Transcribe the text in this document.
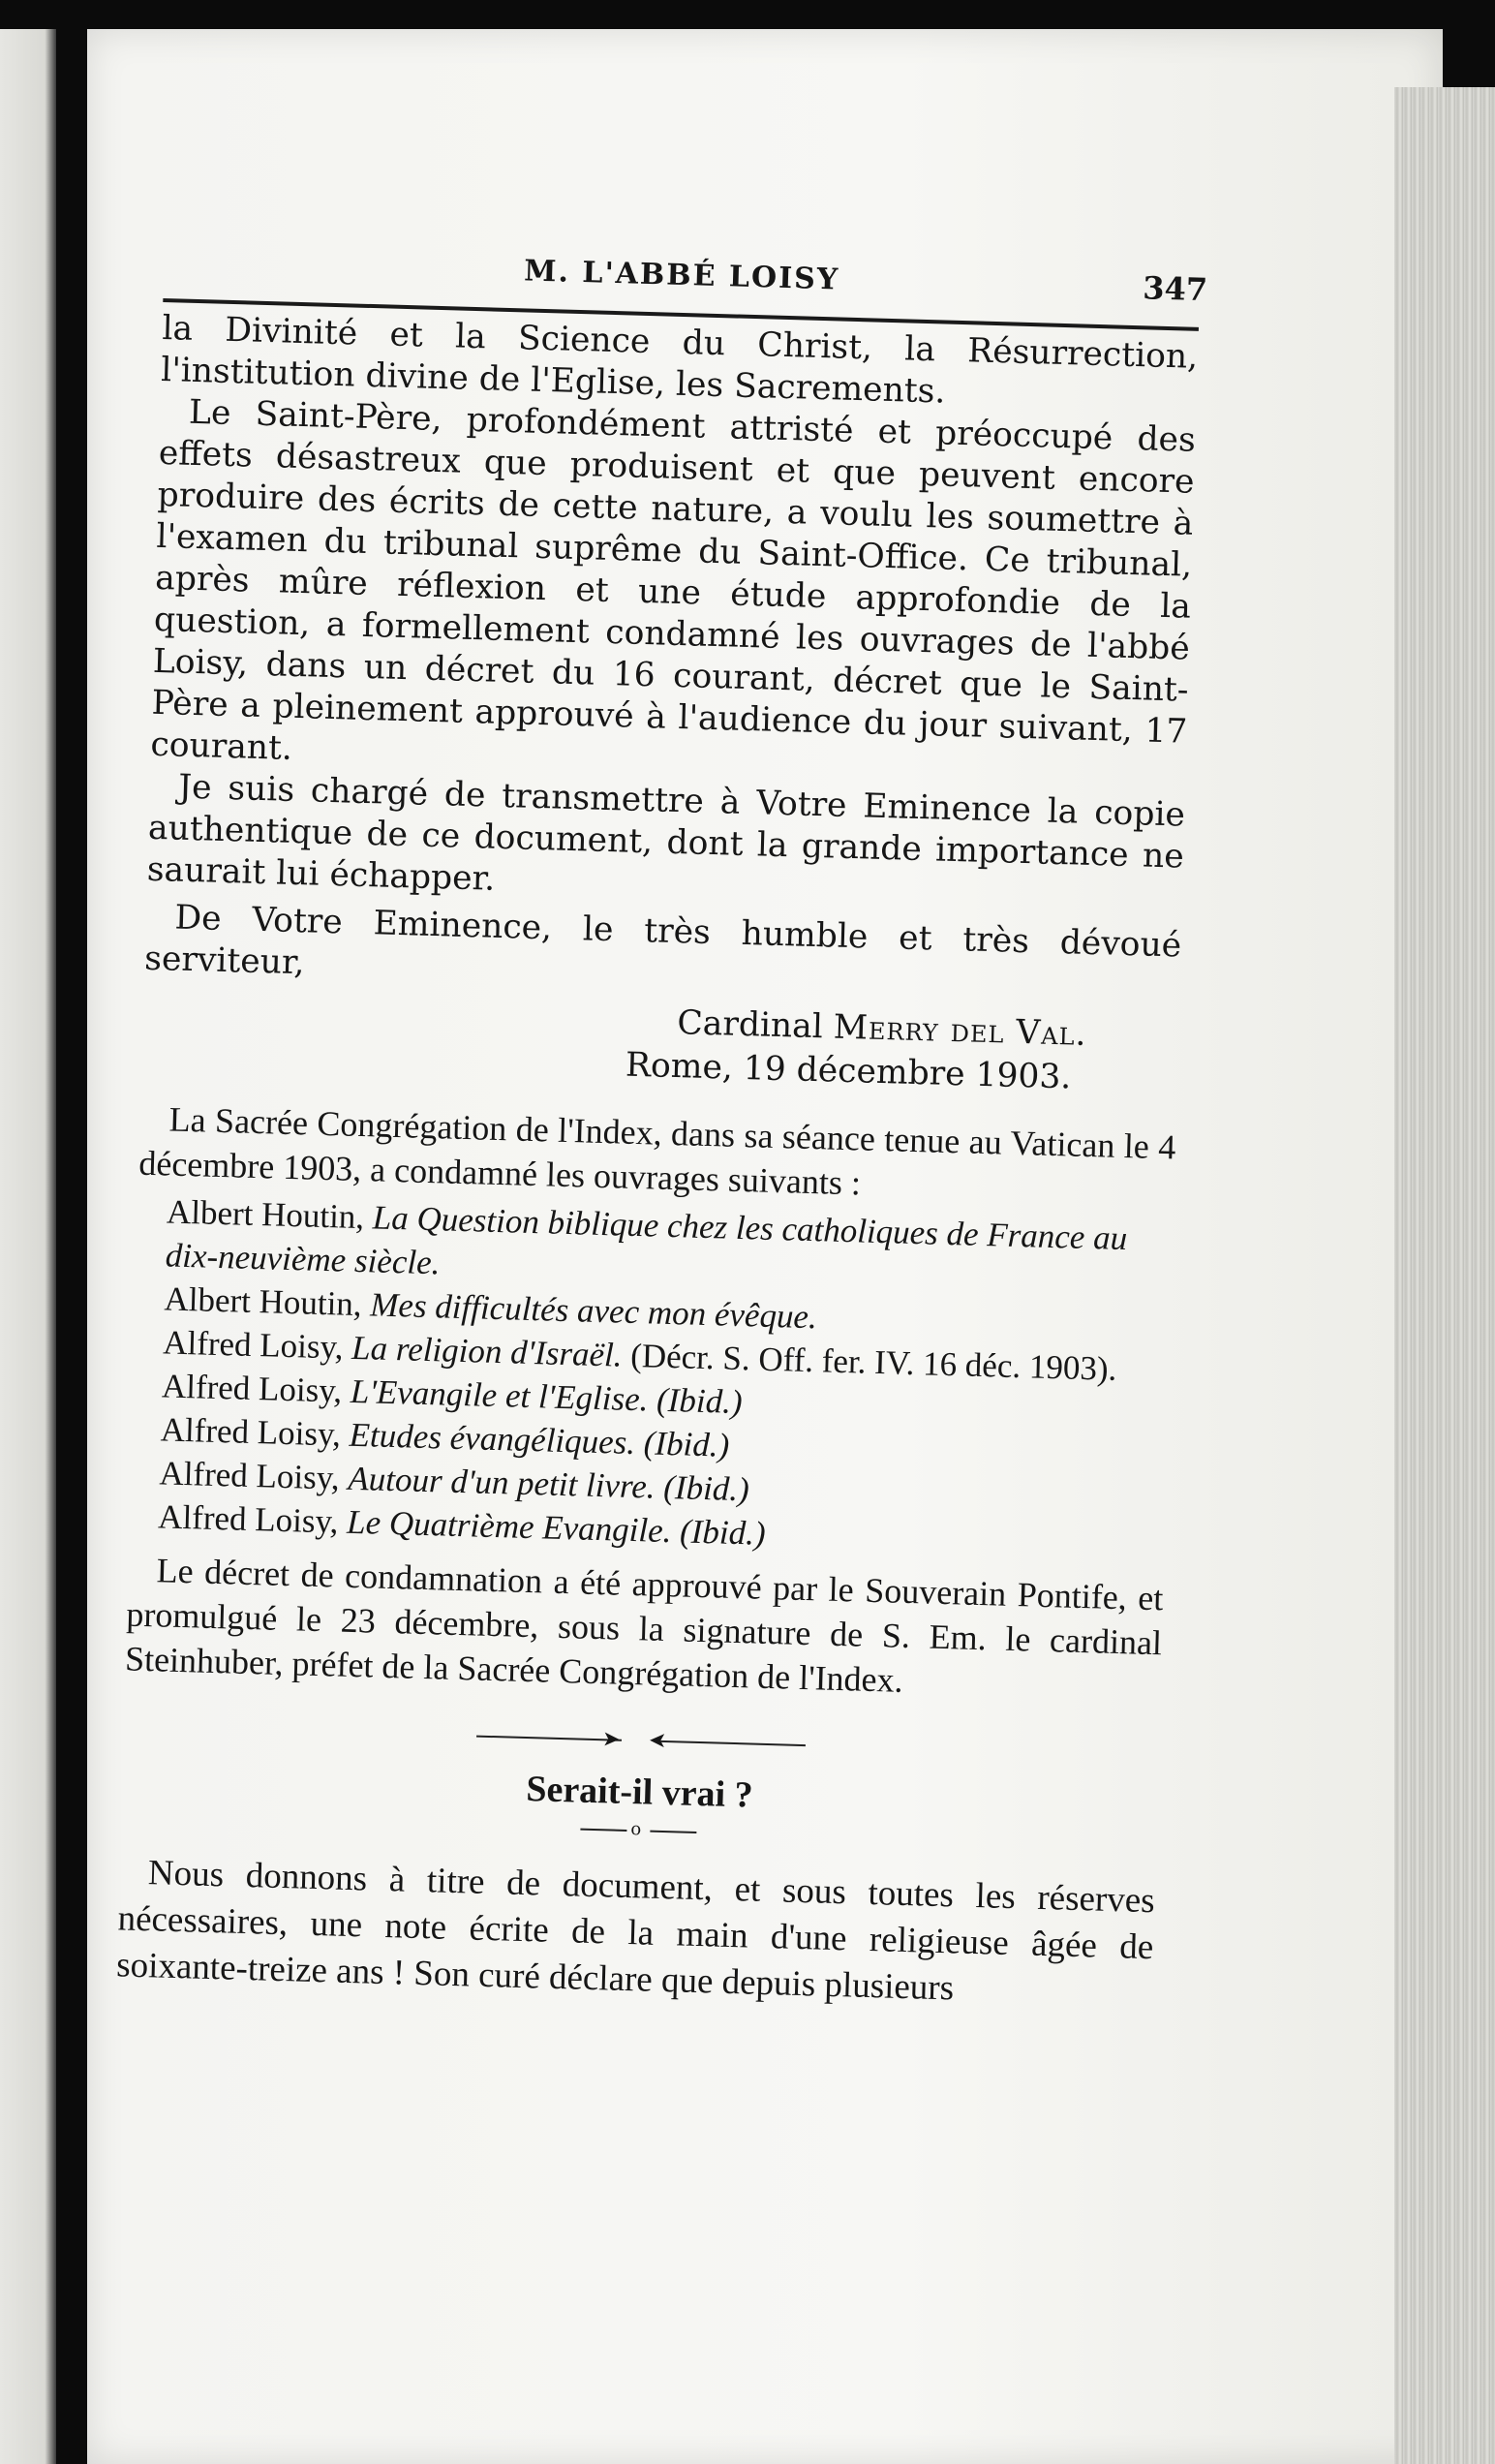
M. L'ABBÉ LOISY	347

la Divinité et la Science du Christ, la Résurrection, l'institution divine de l'Eglise, les Sacrements.

Le Saint-Père, profondément attristé et préoccupé des effets désastreux que produisent et que peuvent encore produire des écrits de cette nature, a voulu les soumettre à l'examen du tribunal suprême du Saint-Office. Ce tribunal, après mûre réflexion et une étude approfondie de la question, a formellement condamné les ouvrages de l'abbé Loisy, dans un décret du 16 courant, décret que le Saint-Père a pleinement approuvé à l'audience du jour suivant, 17 courant.

Je suis chargé de transmettre à Votre Eminence la copie authentique de ce document, dont la grande importance ne saurait lui échapper.

De Votre Eminence, le très humble et très dévoué serviteur,

Cardinal Merry del Val.

Rome, 19 décembre 1903.

La Sacrée Congrégation de l'Index, dans sa séance tenue au Vatican le 4 décembre 1903, a condamné les ouvrages suivants :

Albert Houtin, La Question biblique chez les catholiques de France au dix-neuvième siècle.

Albert Houtin, Mes difficultés avec mon évêque.

Alfred Loisy, La religion d'Israël. (Décr. S. Off. fer. IV. 16 déc. 1903).

Alfred Loisy, L'Evangile et l'Eglise. (Ibid.)

Alfred Loisy, Etudes évangéliques. (Ibid.)

Alfred Loisy, Autour d'un petit livre. (Ibid.)

Alfred Loisy, Le Quatrième Evangile. (Ibid.)

Le décret de condamnation a été approuvé par le Souverain Pontife, et promulgué le 23 décembre, sous la signature de S. Em. le cardinal Steinhuber, préfet de la Sacrée Congrégation de l'Index.

➤ ➤
Serait-il vrai ?
o

Nous donnons à titre de document, et sous toutes les réserves nécessaires, une note écrite de la main d'une religieuse âgée de soixante-treize ans ! Son curé déclare que depuis plusieurs
